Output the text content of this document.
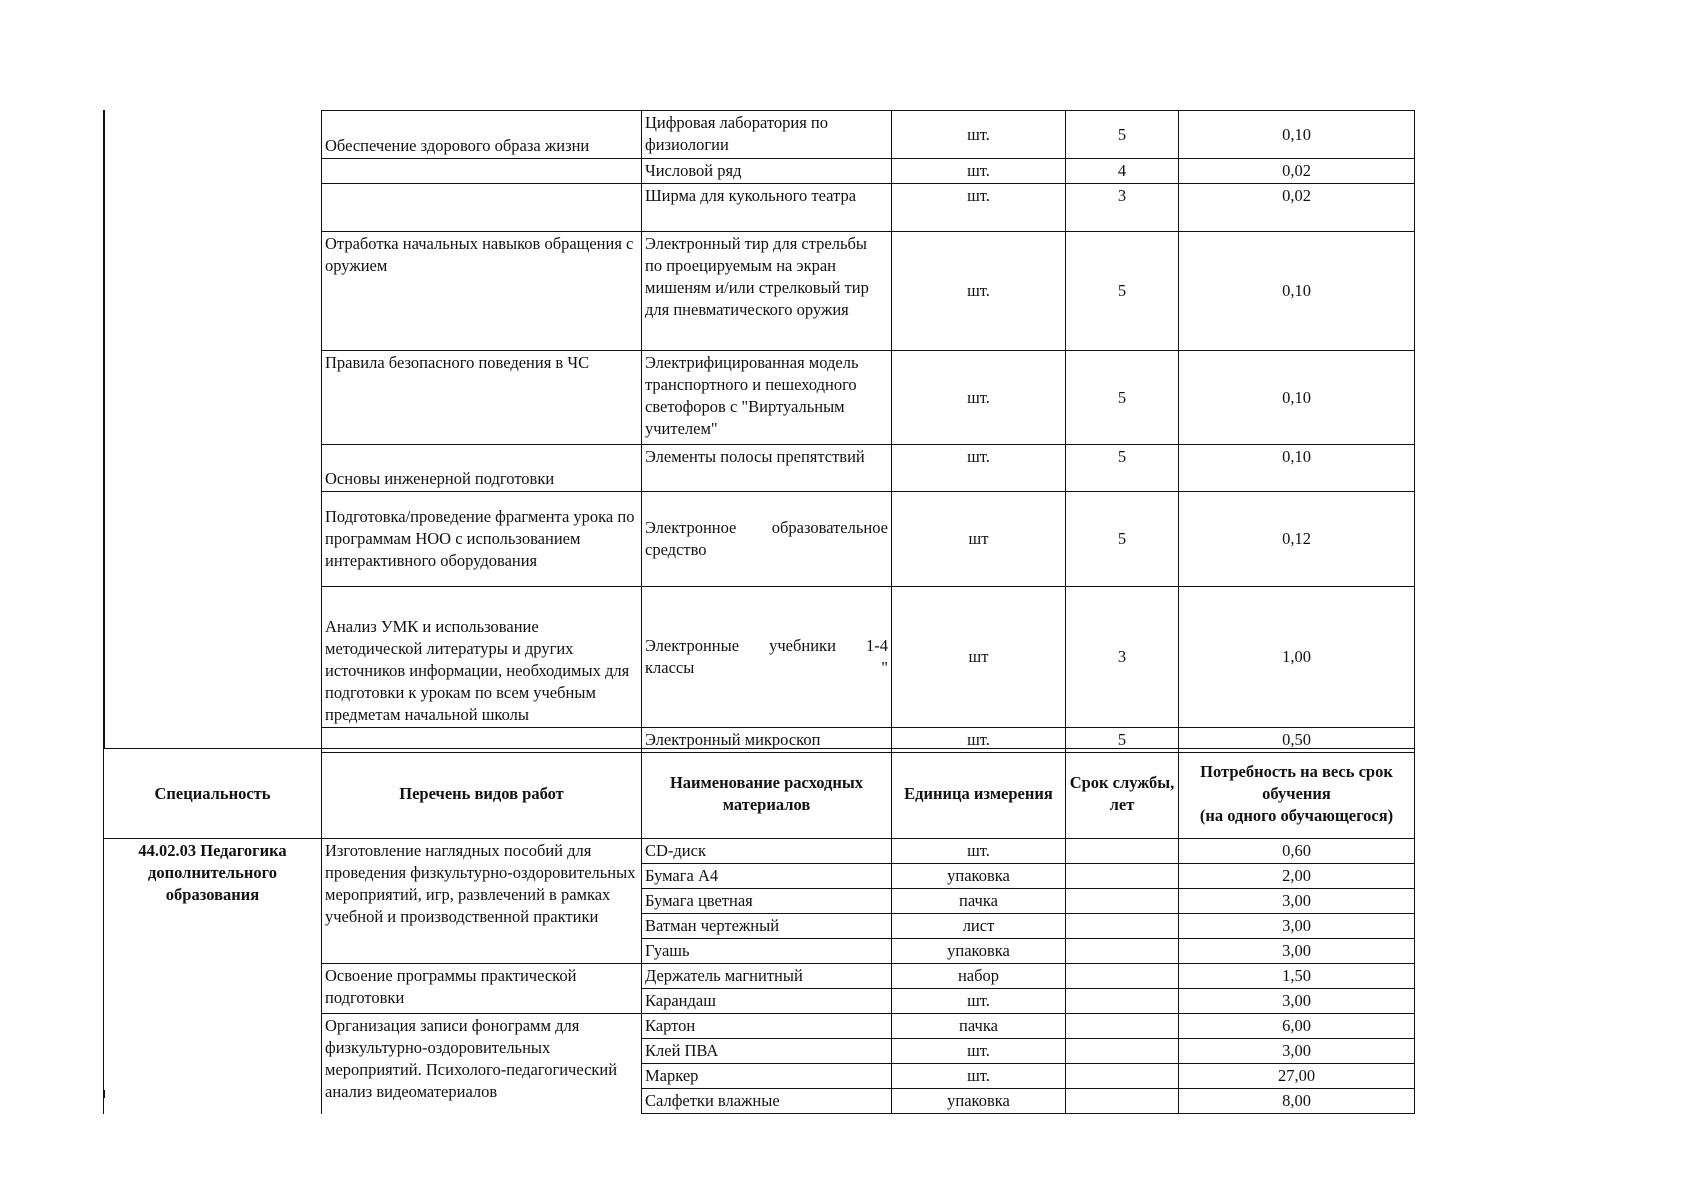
Обеспечение здорового образа жизни	Цифровая лаборатория по физиологии	шт.	5	0,10
	Числовой ряд	шт.	4	0,02
	Ширма для кукольного театра	шт.	3	0,02
Отработка начальных навыков обращения с оружием	Электронный тир для стрельбы по проецируемым на экран мишеням и/или стрелковый тир для пневматического оружия	шт.	5	0,10
Правила безопасного поведения в ЧС	Электрифицированная модель транспортного и пешеходного светофоров с "Виртуальным учителем"	шт.	5	0,10
Основы инженерной подготовки	Элементы полосы препятствий	шт.	5	0,10
Подготовка/проведение фрагмента урока по программам НОО с использованием интерактивного оборудования	Электронное образовательное средство	шт	5	0,12
Анализ УМК и использование методической литературы и других источников информации, необходимых для подготовки к урокам по всем учебным предметам начальной школы	Электронные учебники 1-4 классы "	шт	3	1,00
	Электронный микроскоп	шт.	5	0,50
Специальность	Перечень видов работ	Наименование расходных материалов	Единица измерения	Срок службы, лет	Потребность на весь срок обучения
(на одного обучающегося)
44.02.03 Педагогика дополнительного образования	Изготовление наглядных пособий для проведения физкультурно-оздоровительных мероприятий, игр, развлечений в рамках учебной и производственной практики	CD-диск	шт.		0,60
		Бумага А4	упаковка		2,00
		Бумага цветная	пачка		3,00
		Ватман чертежный	лист		3,00
		Гуашь	упаковка		3,00
	Освоение программы практической подготовки	Держатель магнитный	набор		1,50
		Карандаш	шт.		3,00
	Организация записи фонограмм для физкультурно-оздоровительных мероприятий. Психолого-педагогический анализ видеоматериалов	Картон	пачка		6,00
		Клей ПВА	шт.		3,00
		Маркер	шт.		27,00
		Салфетки влажные	упаковка		8,00
